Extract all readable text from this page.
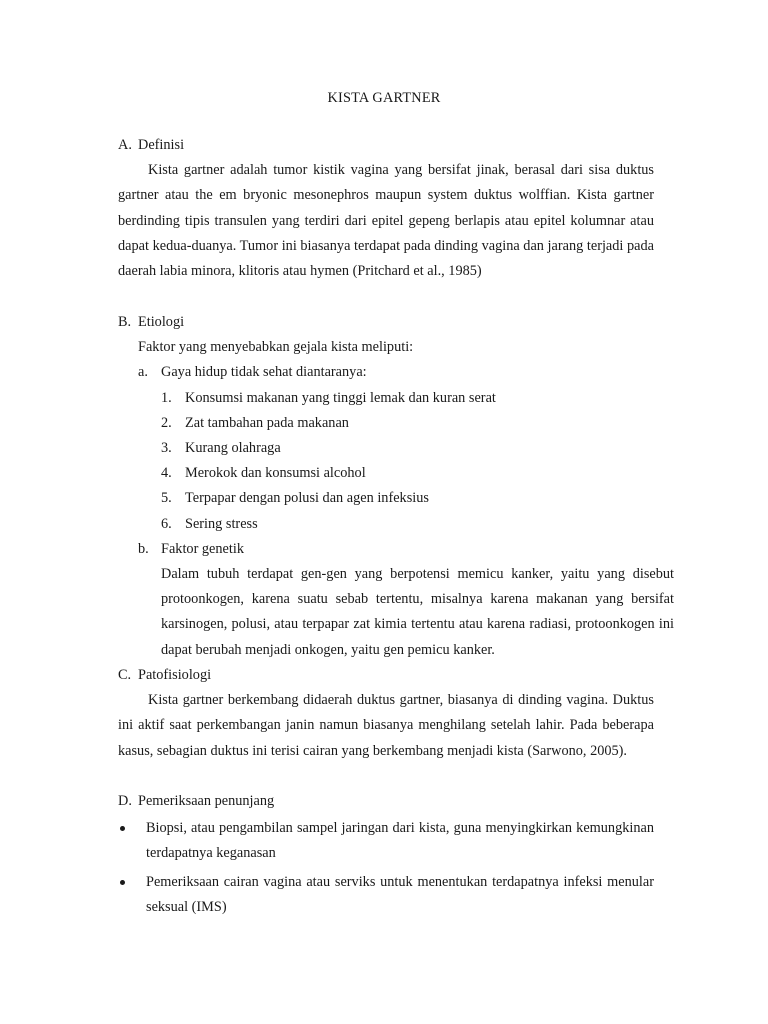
KISTA GARTNER
A. Definisi

Kista gartner adalah tumor kistik vagina yang bersifat jinak, berasal dari sisa duktus gartner atau the em bryonic mesonephros maupun system duktus wolffian. Kista gartner berdinding tipis transulen yang terdiri dari epitel gepeng berlapis atau epitel kolumnar atau dapat kedua-duanya. Tumor ini biasanya terdapat pada dinding vagina dan jarang terjadi pada daerah labia minora, klitoris atau hymen (Pritchard et al., 1985)

B. Etiologi
Faktor yang menyebabkan gejala kista meliputi:
a. Gaya hidup tidak sehat diantaranya:
1. Konsumsi makanan yang tinggi lemak dan kuran serat
2. Zat tambahan pada makanan
3. Kurang olahraga
4. Merokok dan konsumsi alcohol
5. Terpapar dengan polusi dan agen infeksius
6. Sering stress
b. Faktor genetik

Dalam tubuh terdapat gen-gen yang berpotensi memicu kanker, yaitu yang disebut protoonkogen, karena suatu sebab tertentu, misalnya karena makanan yang bersifat karsinogen, polusi, atau terpapar zat kimia tertentu atau karena radiasi, protoonkogen ini dapat berubah menjadi onkogen, yaitu gen pemicu kanker.

C. Patofisiologi

Kista gartner berkembang didaerah duktus gartner, biasanya di dinding vagina. Duktus ini aktif saat perkembangan janin namun biasanya menghilang setelah lahir. Pada beberapa kasus, sebagian duktus ini terisi cairan yang berkembang menjadi kista (Sarwono, 2005).

D. Pemeriksaan penunjang
Biopsi, atau pengambilan sampel jaringan dari kista, guna menyingkirkan kemungkinan terdapatnya keganasan
Pemeriksaan cairan vagina atau serviks untuk menentukan terdapatnya infeksi menular seksual (IMS)
